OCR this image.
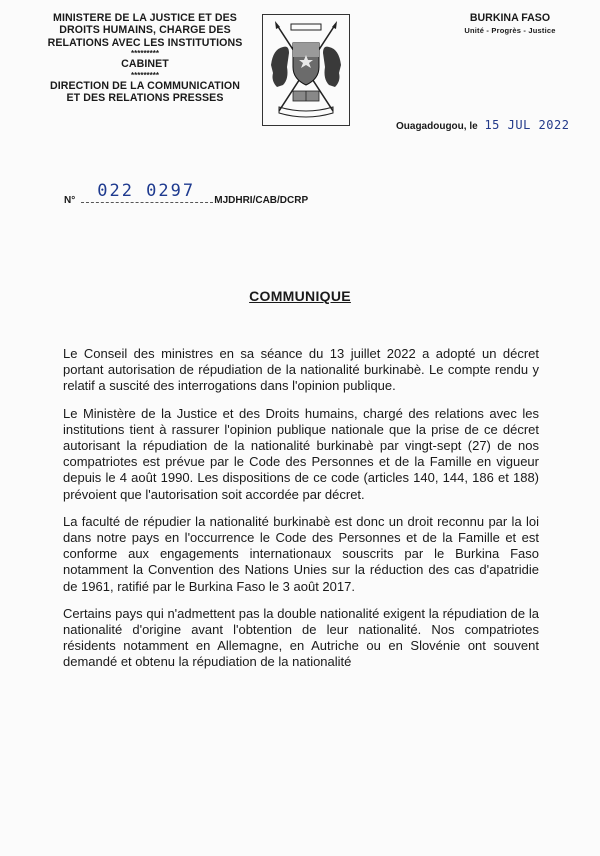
MINISTERE DE LA JUSTICE ET DES
DROITS HUMAINS, CHARGE DES
RELATIONS AVEC LES INSTITUTIONS
*********
CABINET
*********
DIRECTION DE LA COMMUNICATION
ET DES RELATIONS PRESSES
BURKINA FASO
Unité - Progrès - Justice
Ouagadougou, le 15 JUL 2022
N° 022 0297 MJDHRI/CAB/DCRP
COMMUNIQUE

Le Conseil des ministres en sa séance du 13 juillet 2022 a adopté un décret portant autorisation de répudiation de la nationalité burkinabè. Le compte rendu y relatif a suscité des interrogations dans l'opinion publique.

Le Ministère de la Justice et des Droits humains, chargé des relations avec les institutions tient à rassurer l'opinion publique nationale que la prise de ce décret autorisant la répudiation de la nationalité burkinabè par vingt-sept (27) de nos compatriotes est prévue par le Code des Personnes et de la Famille en vigueur depuis le 4 août 1990. Les dispositions de ce code (articles 140, 144, 186 et 188) prévoient que l'autorisation soit accordée par décret.

La faculté de répudier la nationalité burkinabè est donc un droit reconnu par la loi dans notre pays en l'occurrence le Code des Personnes et de la Famille et est conforme aux engagements internationaux souscrits par le Burkina Faso notamment la Convention des Nations Unies sur la réduction des cas d'apatridie de 1961, ratifié par le Burkina Faso le 3 août 2017.

Certains pays qui n'admettent pas la double nationalité exigent la répudiation de la nationalité d'origine avant l'obtention de leur nationalité. Nos compatriotes résidents notamment en Allemagne, en Autriche ou en Slovénie ont souvent demandé et obtenu la répudiation de la nationalité
